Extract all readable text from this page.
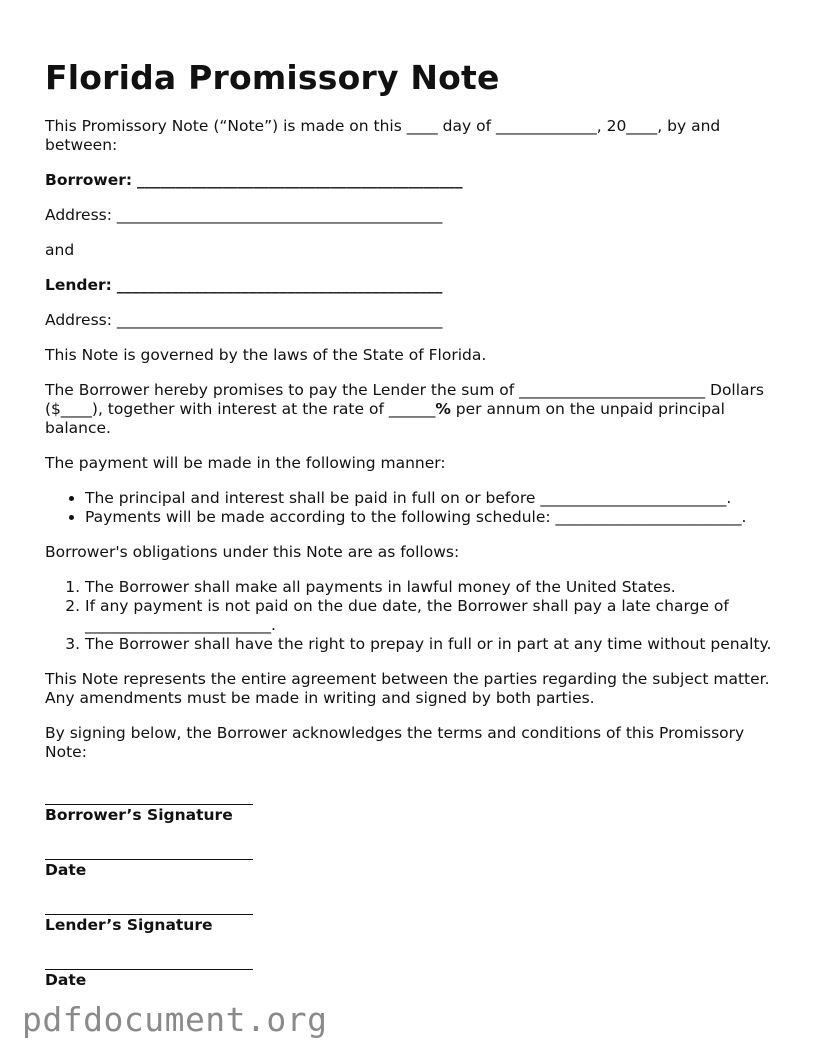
Florida Promissory Note

This Promissory Note (“Note”) is made on this ____ day of _____________, 20____, by and between:

Borrower: __________________________________________

Address: __________________________________________

and

Lender: __________________________________________

Address: __________________________________________

This Note is governed by the laws of the State of Florida.

The Borrower hereby promises to pay the Lender the sum of ________________________ Dollars ($____), together with interest at the rate of ______% per annum on the unpaid principal balance.

The payment will be made in the following manner:

• The principal and interest shall be paid in full on or before ________________________.
• Payments will be made according to the following schedule: ________________________.

Borrower's obligations under this Note are as follows:

1. The Borrower shall make all payments in lawful money of the United States.
2. If any payment is not paid on the due date, the Borrower shall pay a late charge of ________________________.
3. The Borrower shall have the right to prepay in full or in part at any time without penalty.

This Note represents the entire agreement between the parties regarding the subject matter. Any amendments must be made in writing and signed by both parties.

By signing below, the Borrower acknowledges the terms and conditions of this Promissory Note:

Borrower’s Signature
Date
Lender’s Signature
Date
pdfdocument.org
